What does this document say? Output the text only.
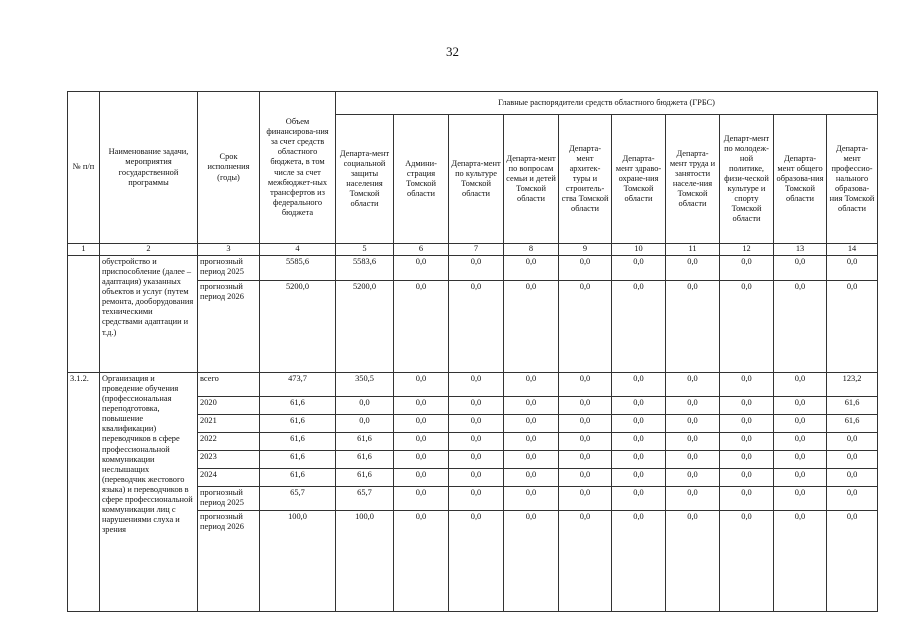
32
№ п/п	Наименование задачи, мероприятия государственной программы	Срок исполнения (годы)	Объем финансирова-ния за счет средств областного бюджета, в том числе за счет межбюджет-ных трансфертов из федерального бюджета	Главные распорядители средств областного бюджета (ГРБС)									
				Департа-мент социальной защиты населения Томской области	Админи-страция Томской области	Департа-мент по культуре Томской области	Департа-мент по вопросам семьи и детей Томской области	Департа-мент архитек-туры и строитель-ства Томской области	Департа-мент здраво-охране-ния Томской области	Департа-мент труда и занятости населе-ния Томской области	Департ-мент по молодеж-ной политике, физи-ческой культуре и спорту Томской области	Департа-мент общего образова-ния Томской области	Департа-мент профессио-нального образова-ния Томской области
1	2	3	4	5	6	7	8	9	10	11	12	13	14
	обустройство и приспособление (далее – адаптация) указанных объектов и услуг (путем ремонта, дооборудования техническими средствами адаптации и т.д.)	прогнозный период 2025	5585,6	5583,6	0,0	0,0	0,0	0,0	0,0	0,0	0,0	0,0	0,0
		прогнозный период 2026	5200,0	5200,0	0,0	0,0	0,0	0,0	0,0	0,0	0,0	0,0	0,0
3.1.2.	Организация и проведение обучения (профессиональная переподготовка, повышение квалификации) переводчиков в сфере профессиональной коммуникации неслышащих (переводчик жестового языка) и переводчиков в сфере профессиональной коммуникации лиц с нарушениями слуха и зрения	всего	473,7	350,5	0,0	0,0	0,0	0,0	0,0	0,0	0,0	0,0	123,2
		2020	61,6	0,0	0,0	0,0	0,0	0,0	0,0	0,0	0,0	0,0	61,6
		2021	61,6	0,0	0,0	0,0	0,0	0,0	0,0	0,0	0,0	0,0	61,6
		2022	61,6	61,6	0,0	0,0	0,0	0,0	0,0	0,0	0,0	0,0	0,0
		2023	61,6	61,6	0,0	0,0	0,0	0,0	0,0	0,0	0,0	0,0	0,0
		2024	61,6	61,6	0,0	0,0	0,0	0,0	0,0	0,0	0,0	0,0	0,0
		прогнозный период 2025	65,7	65,7	0,0	0,0	0,0	0,0	0,0	0,0	0,0	0,0	0,0
		прогнозный период 2026	100,0	100,0	0,0	0,0	0,0	0,0	0,0	0,0	0,0	0,0	0,0
